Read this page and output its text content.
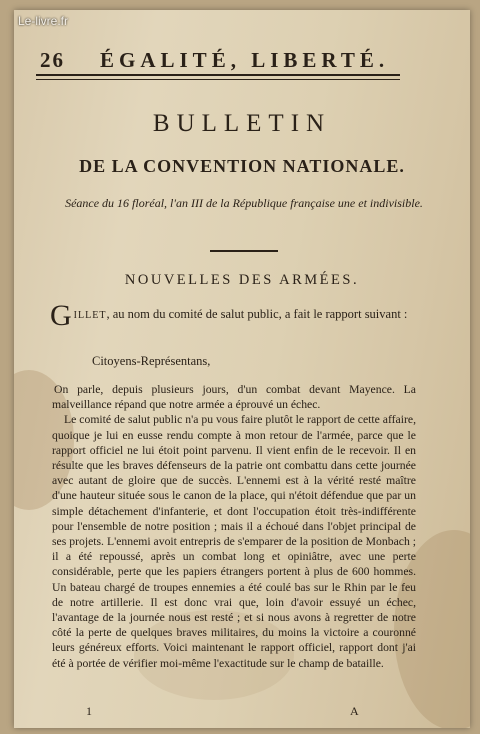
26 ÉGALITÉ, LIBERTÉ.
BULLETIN
DE LA CONVENTION NATIONALE.
Séance du 16 floréal, l'an III de la République française une et indivisible.
NOUVELLES DES ARMÉES.
GILLET, au nom du comité de salut public, a fait le rapport suivant :
Citoyens-Représentans,

On parle, depuis plusieurs jours, d'un combat devant Mayence. La malveillance répand que notre armée a éprouvé un échec.

Le comité de salut public n'a pu vous faire plutôt le rapport de cette affaire, quoique je lui en eusse rendu compte à mon retour de l'armée, parce que le rapport officiel ne lui étoit point parvenu. Il vient enfin de le recevoir. Il en résulte que les braves défenseurs de la patrie ont combattu dans cette journée avec autant de gloire que de succès. L'ennemi est à la vérité resté maître d'une hauteur située sous le canon de la place, qui n'étoit défendue que par un simple détachement d'infanterie, et dont l'occupation étoit très-indifférente pour l'ensemble de notre position ; mais il a échoué dans l'objet principal de ses projets. L'ennemi avoit entrepris de s'emparer de la position de Monbach ; il a été repoussé, après un combat long et opiniâtre, avec une perte considérable, perte que les papiers étrangers portent à plus de 600 hommes. Un bateau chargé de troupes ennemies a été coulé bas sur le Rhin par le feu de notre artillerie. Il est donc vrai que, loin d'avoir essuyé un échec, l'avantage de la journée nous est resté ; et si nous avons à regretter de notre côté la perte de quelques braves militaires, du moins la victoire a couronné leurs généreux efforts. Voici maintenant le rapport officiel, rapport dont j'ai été à portée de vérifier moi-même l'exactitude sur le champ de bataille.

1	A
Le-livre.fr
